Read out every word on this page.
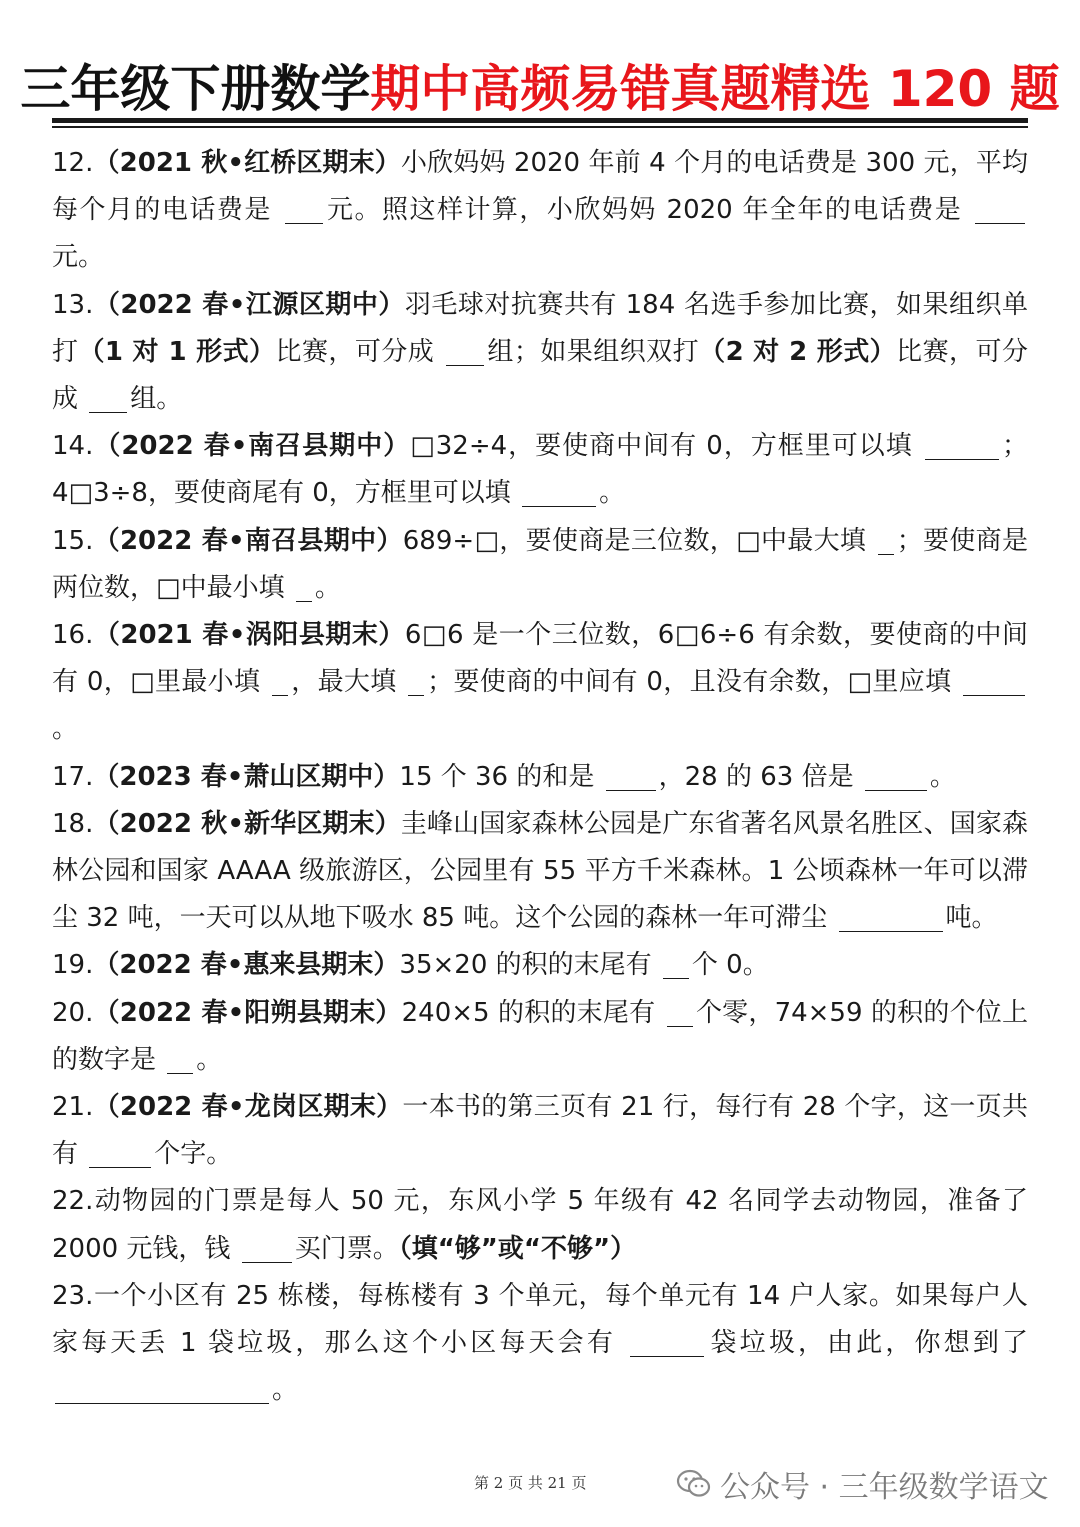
三年级下册数学期中高频易错真题精选 120 题

12.（2021 秋•红桥区期末）小欣妈妈 2020 年前 4 个月的电话费是 300 元，平均每个月的电话费是 元。照这样计算，小欣妈妈 2020 年全年的电话费是 元。

13.（2022 春•江源区期中）羽毛球对抗赛共有 184 名选手参加比赛，如果组织单打（1 对 1 形式）比赛，可分成 组；如果组织双打（2 对 2 形式）比赛，可分成 组。

14.（2022 春•南召县期中）□32÷4，要使商中间有 0，方框里可以填	；4□3÷8，要使商尾有 0，方框里可以填	。

15.（2022 春•南召县期中）689÷□，要使商是三位数，□中最大填 ；要使商是两位数，□中最小填 。

16.（2021 春•涡阳县期末）6□6 是一个三位数，6□6÷6 有余数，要使商的中间有 0，□里最小填 ，最大填 ；要使商的中间有 0，且没有余数，□里应填 。

17.（2023 春•萧山区期中）15 个 36 的和是 ，28 的 63 倍是	。

18.（2022 秋•新华区期末）圭峰山国家森林公园是广东省著名风景名胜区、国家森林公园和国家 AAAA 级旅游区，公园里有 55 平方千米森林。1 公顷森林一年可以滞尘 32 吨，一天可以从地下吸水 85 吨。这个公园的森林一年可滞尘	吨。

19.（2022 春•惠来县期末）35×20 的积的末尾有 个 0。

20.（2022 春•阳朔县期末）240×5 的积的末尾有 个零，74×59 的积的个位上的数字是 。

21.（2022 春•龙岗区期末）一本书的第三页有 21 行，每行有 28 个字，这一页共有	个字。

22.动物园的门票是每人 50 元，东风小学 5 年级有 42 名同学去动物园，准备了 2000 元钱，钱 买门票。（填“够”或“不够”）

23.一个小区有 25 栋楼，每栋楼有 3 个单元，每个单元有 14 户人家。如果每户人家每天丢 1 袋垃圾，那么这个小区每天会有	袋垃圾，由此，你想到了 。

第 2 页 共 21 页	公众号 · 三年级数学语文
